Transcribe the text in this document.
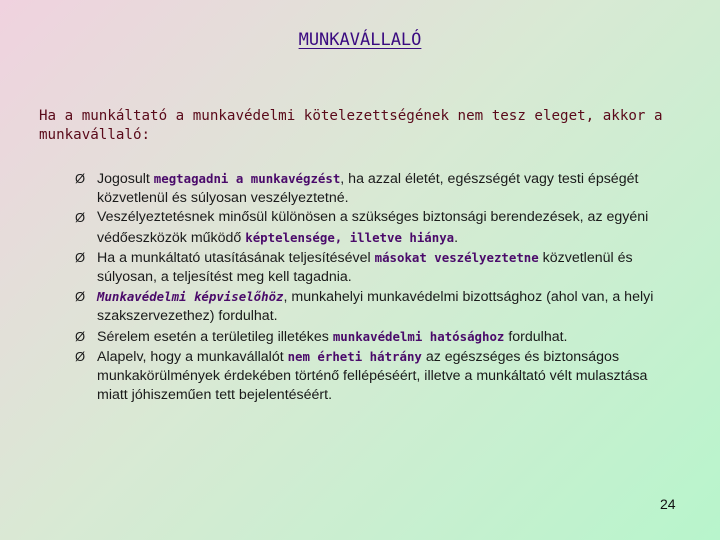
MUNKAVÁLLALÓ
Ha a munkáltató a munkavédelmi kötelezettségének nem tesz eleget, akkor a munkavállaló:
Ø Jogosult megtagadni a munkavégzést, ha azzal életét, egészségét vagy testi épségét közvetlenül és súlyosan veszélyeztetné.
Ø Veszélyeztetésnek minősül különösen a szükséges biztonsági berendezések, az egyéni védőeszközök működő képtelensége, illetve hiánya.
Ø Ha a munkáltató utasításának teljesítésével másokat veszélyeztetne közvetlenül és súlyosan, a teljesítést meg kell tagadnia.
Ø Munkavédelmi képviselőhöz, munkahelyi munkavédelmi bizottsághoz (ahol van, a helyi szakszervezethez) fordulhat.
Ø Sérelem esetén a területileg illetékes munkavédelmi hatósághoz fordulhat.
Ø Alapelv, hogy a munkavállalót nem érheti hátrány az egészséges és biztonságos munkakörülmények érdekében történő fellépéséért, illetve a munkáltató vélt mulasztása miatt jóhiszeműen tett bejelentéséért.
24
